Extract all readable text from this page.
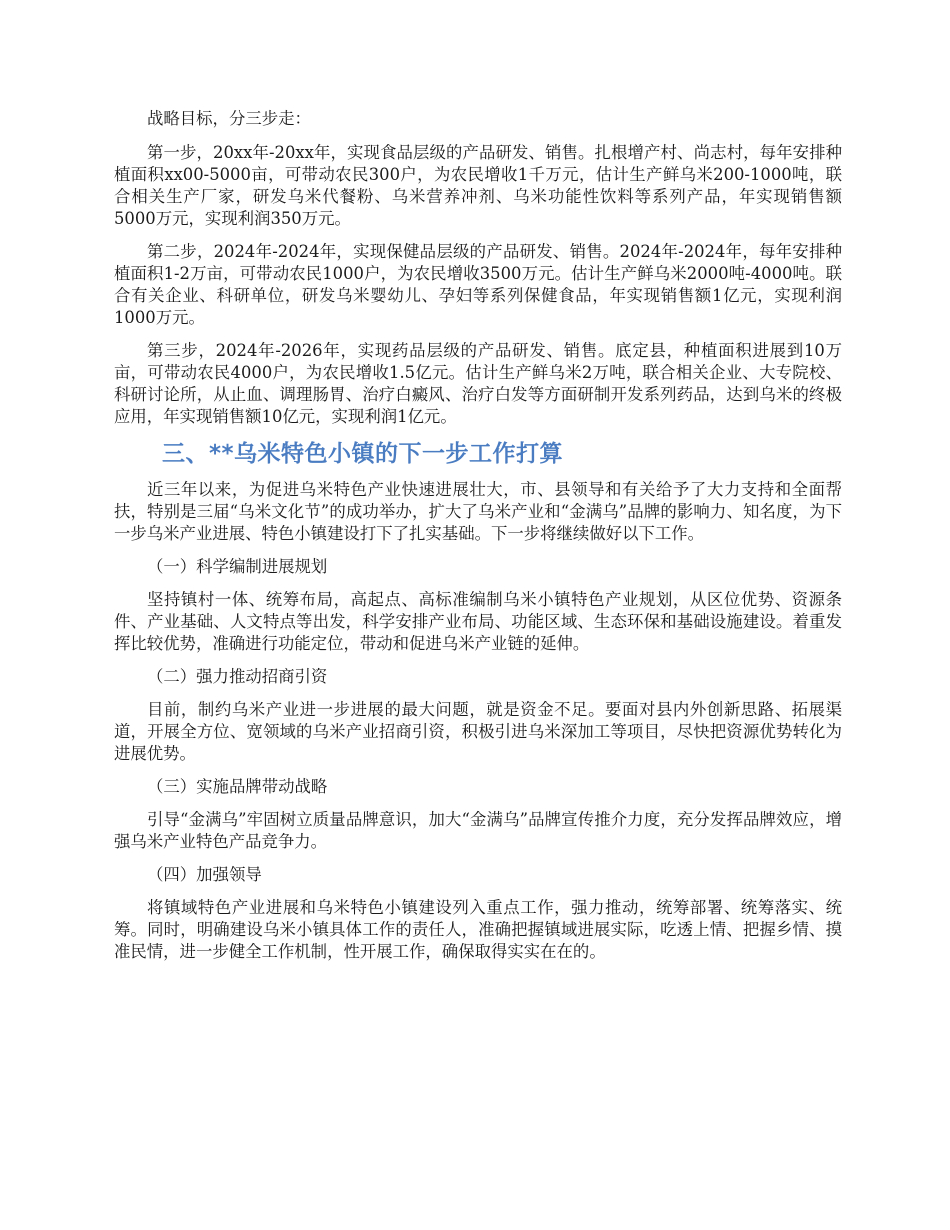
战略目标，分三步走：

第一步，20xx年-20xx年，实现食品层级的产品研发、销售。扎根增产村、尚志村，每年安排种植面积xx00-5000亩，可带动农民300户，为农民增收1千万元，估计生产鲜乌米200-1000吨，联合相关生产厂家，研发乌米代餐粉、乌米营养冲剂、乌米功能性饮料等系列产品，年实现销售额5000万元，实现利润350万元。

第二步，2024年-2024年，实现保健品层级的产品研发、销售。2024年-2024年，每年安排种植面积1-2万亩，可带动农民1000户，为农民增收3500万元。估计生产鲜乌米2000吨-4000吨。联合有关企业、科研单位，研发乌米婴幼儿、孕妇等系列保健食品，年实现销售额1亿元，实现利润1000万元。

第三步，2024年-2026年，实现药品层级的产品研发、销售。底定县，种植面积进展到10万亩，可带动农民4000户，为农民增收1.5亿元。估计生产鲜乌米2万吨，联合相关企业、大专院校、科研讨论所，从止血、调理肠胃、治疗白癜风、治疗白发等方面研制开发系列药品，达到乌米的终极应用，年实现销售额10亿元，实现利润1亿元。

三、**乌米特色小镇的下一步工作打算

近三年以来，为促进乌米特色产业快速进展壮大，市、县领导和有关给予了大力支持和全面帮扶，特别是三届“乌米文化节”的成功举办，扩大了乌米产业和“金满乌”品牌的影响力、知名度，为下一步乌米产业进展、特色小镇建设打下了扎实基础。下一步将继续做好以下工作。

（一）科学编制进展规划

坚持镇村一体、统筹布局，高起点、高标准编制乌米小镇特色产业规划，从区位优势、资源条件、产业基础、人文特点等出发，科学安排产业布局、功能区域、生态环保和基础设施建设。着重发挥比较优势，准确进行功能定位，带动和促进乌米产业链的延伸。

（二）强力推动招商引资

目前，制约乌米产业进一步进展的最大问题，就是资金不足。要面对县内外创新思路、拓展渠道，开展全方位、宽领域的乌米产业招商引资，积极引进乌米深加工等项目，尽快把资源优势转化为进展优势。

（三）实施品牌带动战略

引导“金满乌”牢固树立质量品牌意识，加大“金满乌”品牌宣传推介力度，充分发挥品牌效应，增强乌米产业特色产品竞争力。

（四）加强领导

将镇域特色产业进展和乌米特色小镇建设列入重点工作，强力推动，统筹部署、统筹落实、统筹。同时，明确建设乌米小镇具体工作的责任人，准确把握镇域进展实际，吃透上情、把握乡情、摸准民情，进一步健全工作机制，性开展工作，确保取得实实在在的。
